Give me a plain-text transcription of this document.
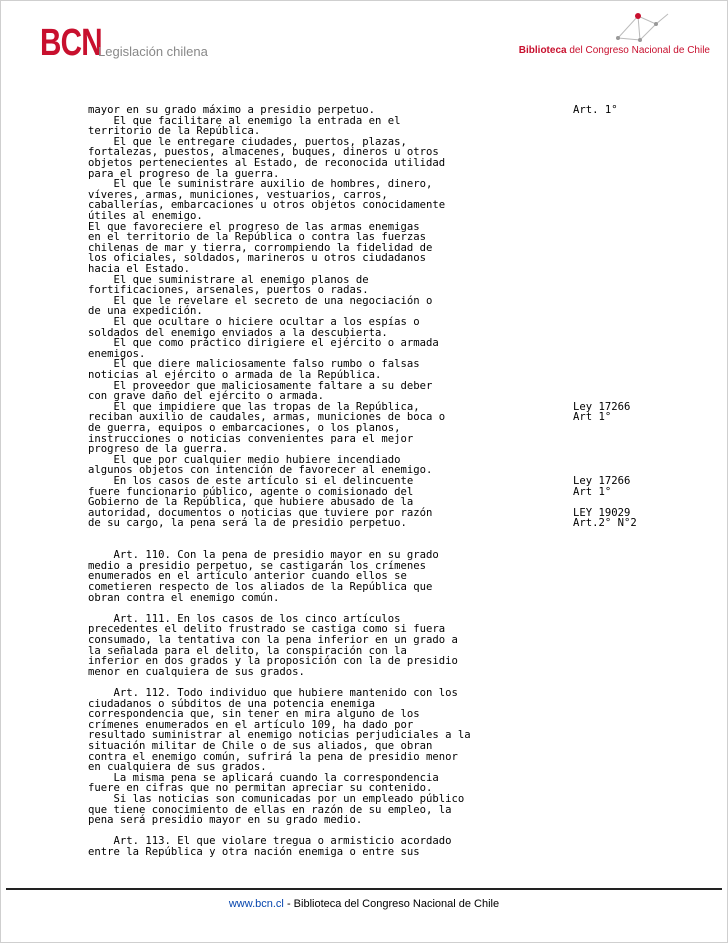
BCN
Legislación chilena	Biblioteca del Congreso Nacional de Chile
mayor en su grado máximo a presidio perpetuo.
El que facilitare al enemigo la entrada en el
territorio de la República.
El que le entregare ciudades, puertos, plazas,
fortalezas, puestos, almacenes, buques, dineros u otros
objetos pertenecientes al Estado, de reconocida utilidad
para el progreso de la guerra.
El que le suministrare auxilio de hombres, dinero,
víveres, armas, municiones, vestuarios, carros,
caballerías, embarcaciones u otros objetos conocidamente
útiles al enemigo.
El que favoreciere el progreso de las armas enemigas
en el territorio de la República o contra las fuerzas
chilenas de mar y tierra, corrompiendo la fidelidad de
los oficiales, soldados, marineros u otros ciudadanos
hacia el Estado.
El que suministrare al enemigo planos de
fortificaciones, arsenales, puertos o radas.
El que le revelare el secreto de una negociación o
de una expedición.
El que ocultare o hiciere ocultar a los espías o
soldados del enemigo enviados a la descubierta.
El que como práctico dirigiere el ejército o armada
enemigos.
El que diere maliciosamente falso rumbo o falsas
noticias al ejército o armada de la República.
El proveedor que maliciosamente faltare a su deber
con grave daño del ejército o armada.
El que impidiere que las tropas de la República,
reciban auxilio de caudales, armas, municiones de boca o
de guerra, equipos o embarcaciones, o los planos,
instrucciones o noticias convenientes para el mejor
progreso de la guerra.
El que por cualquier medio hubiere incendiado
algunos objetos con intención de favorecer al enemigo.
En los casos de este artículo si el delincuente
fuere funcionario público, agente o comisionado del
Gobierno de la República, que hubiere abusado de la
autoridad, documentos o noticias que tuviere por razón
de su cargo, la pena será la de presidio perpetuo.
Art. 110. Con la pena de presidio mayor en su grado
medio a presidio perpetuo, se castigarán los crímenes
enumerados en el artículo anterior cuando ellos se
cometieren respecto de los aliados de la República que
obran contra el enemigo común.
Art. 111. En los casos de los cinco artículos
precedentes el delito frustrado se castiga como si fuera
consumado, la tentativa con la pena inferior en un grado a
la señalada para el delito, la conspiración con la
inferior en dos grados y la proposición con la de presidio
menor en cualquiera de sus grados.
Art. 112. Todo individuo que hubiere mantenido con los
ciudadanos o súbditos de una potencia enemiga
correspondencia que, sin tener en mira alguno de los
crímenes enumerados en el artículo 109, ha dado por
resultado suministrar al enemigo noticias perjudiciales a la
situación militar de Chile o de sus aliados, que obran
contra el enemigo común, sufrirá la pena de presidio menor
en cualquiera de sus grados.
La misma pena se aplicará cuando la correspondencia
fuere en cifras que no permitan apreciar su contenido.
Si las noticias son comunicadas por un empleado público
que tiene conocimiento de ellas en razón de su empleo, la
pena será presidio mayor en su grado medio.
Art. 113. El que violare tregua o armisticio acordado
entre la República y otra nación enemiga o entre sus
Art. 1°
Ley 17266
Art 1°
Ley 17266
Art 1°
LEY 19029
Art.2° N°2
www.bcn.cl - Biblioteca del Congreso Nacional de Chile
